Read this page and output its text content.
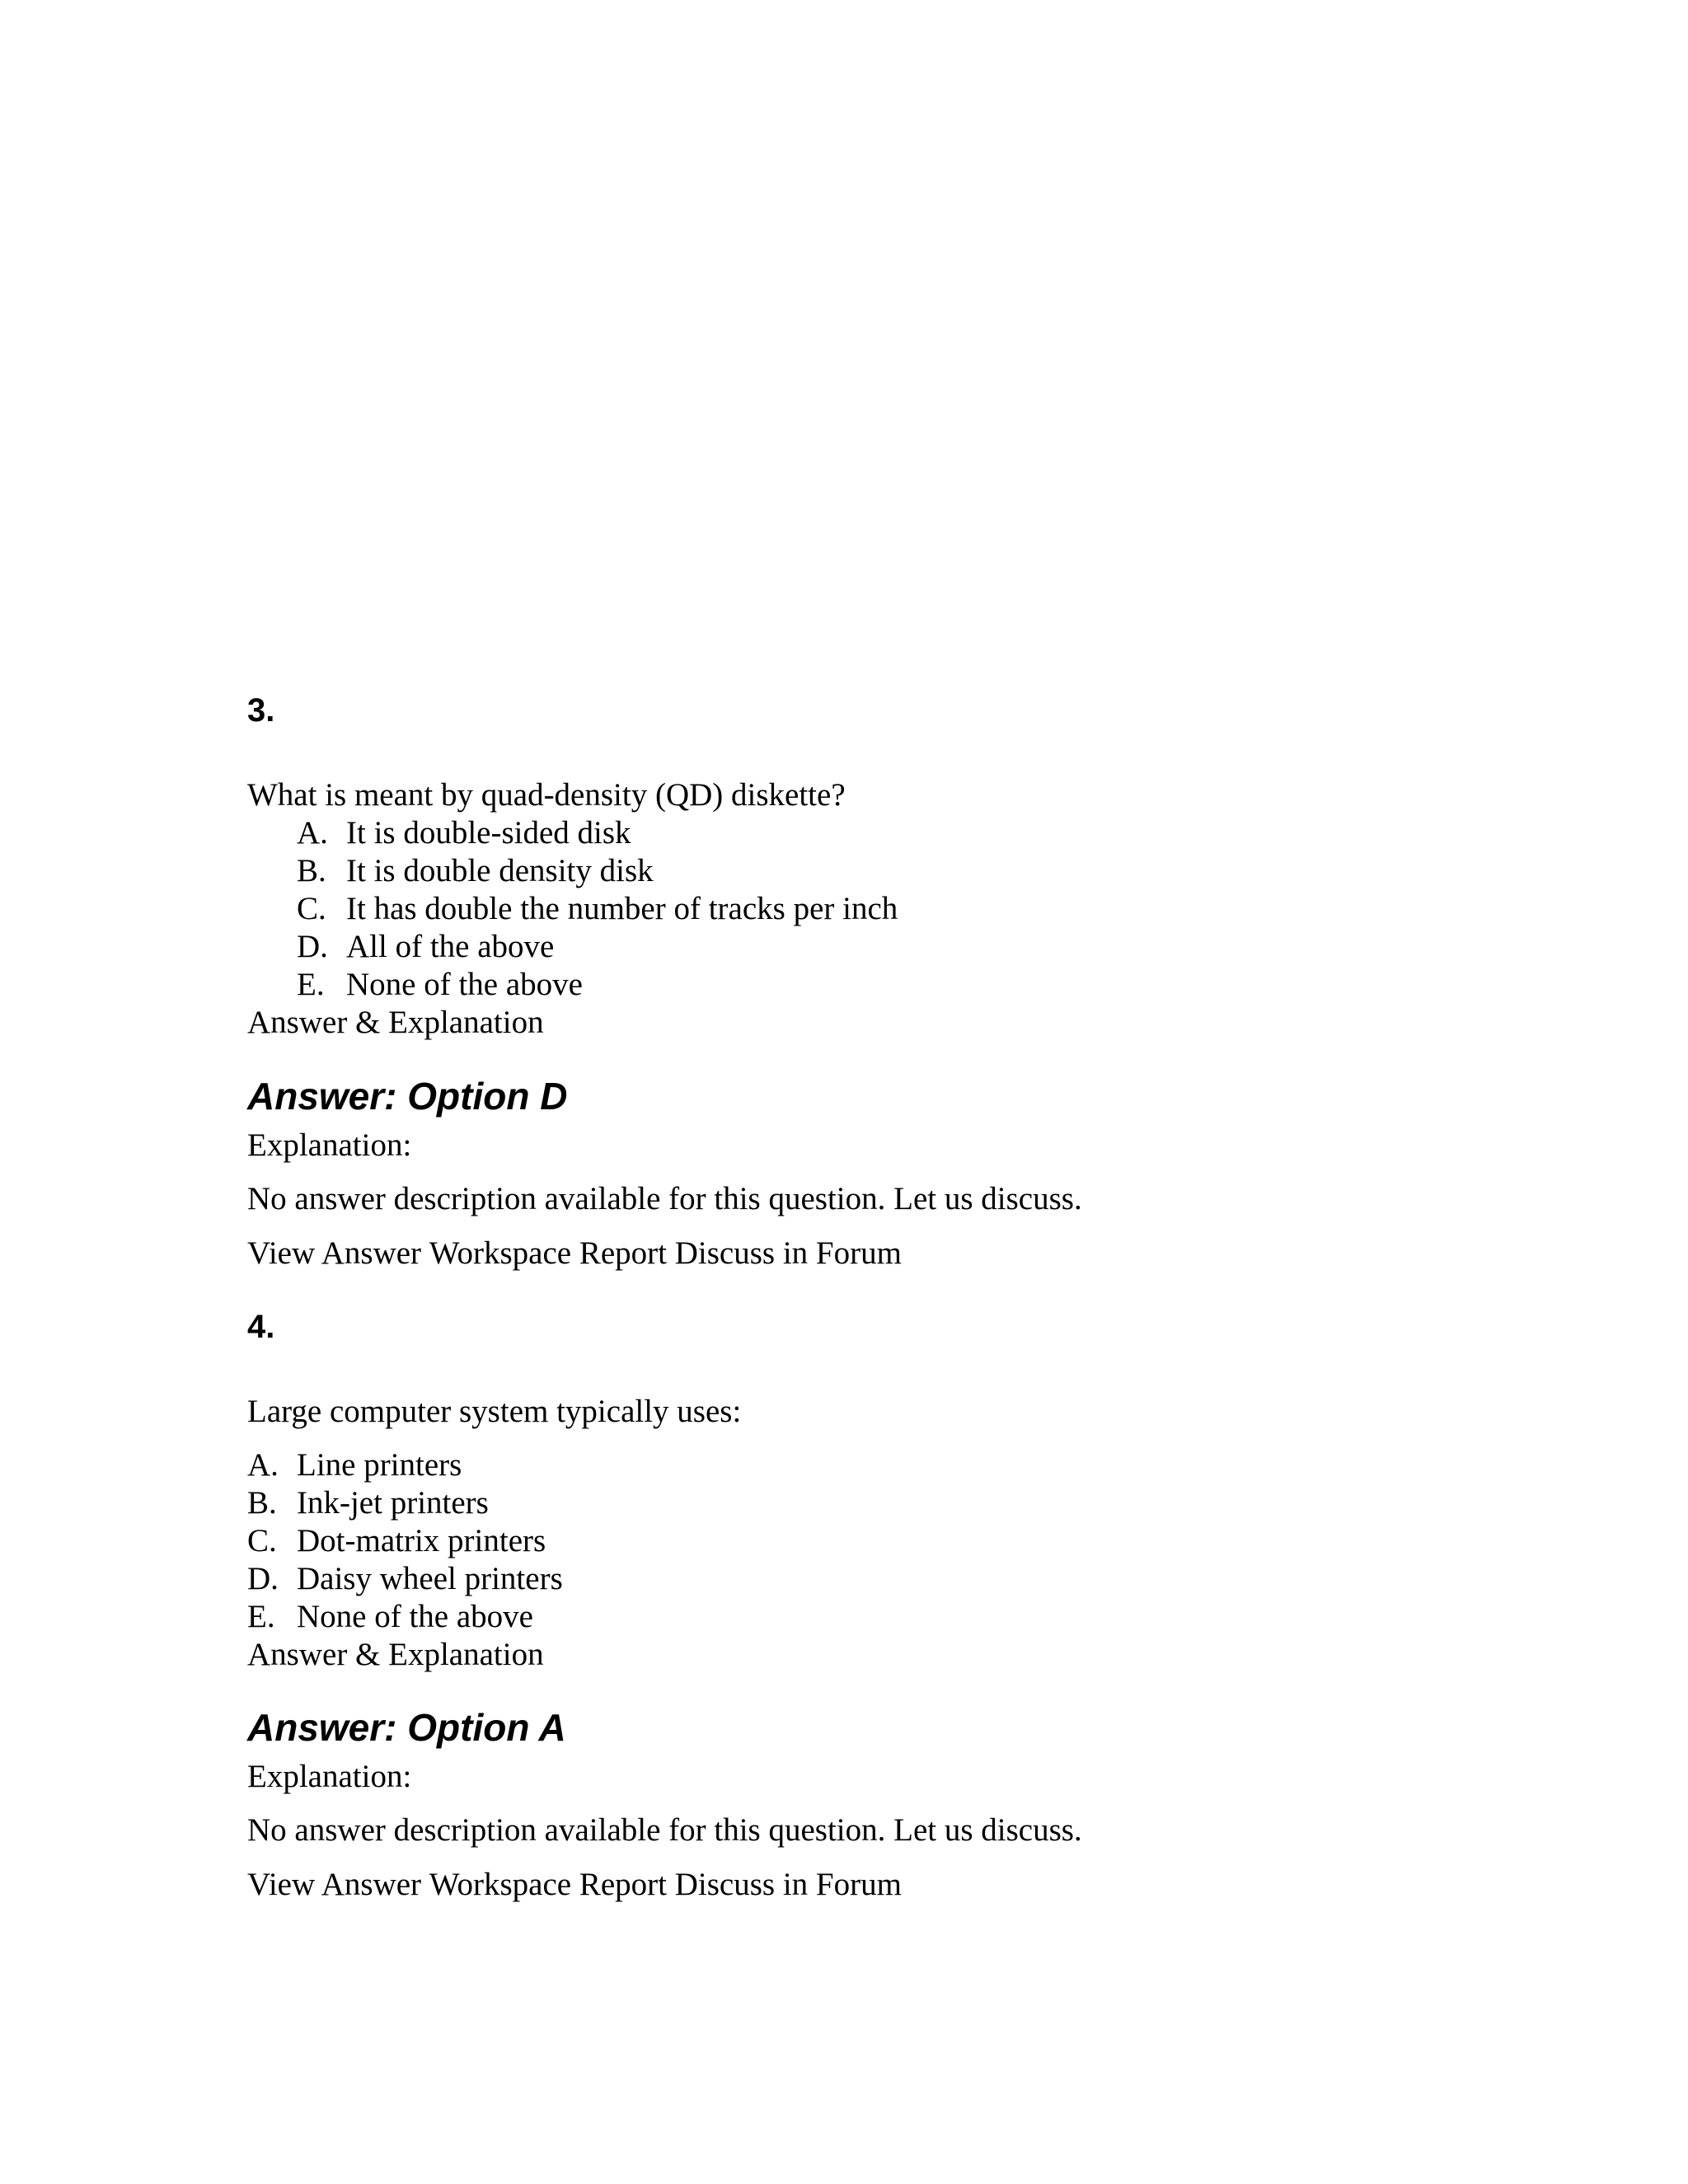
3.
What is meant by quad-density (QD) diskette?
A. It is double-sided disk
B. It is double density disk
C. It has double the number of tracks per inch
D. All of the above
E. None of the above
Answer & Explanation
Answer: Option D
Explanation:
No answer description available for this question. Let us discuss.
View Answer Workspace Report Discuss in Forum
4.
Large computer system typically uses:
A. Line printers
B. Ink-jet printers
C. Dot-matrix printers
D. Daisy wheel printers
E. None of the above
Answer & Explanation
Answer: Option A
Explanation:
No answer description available for this question. Let us discuss.
View Answer Workspace Report Discuss in Forum
